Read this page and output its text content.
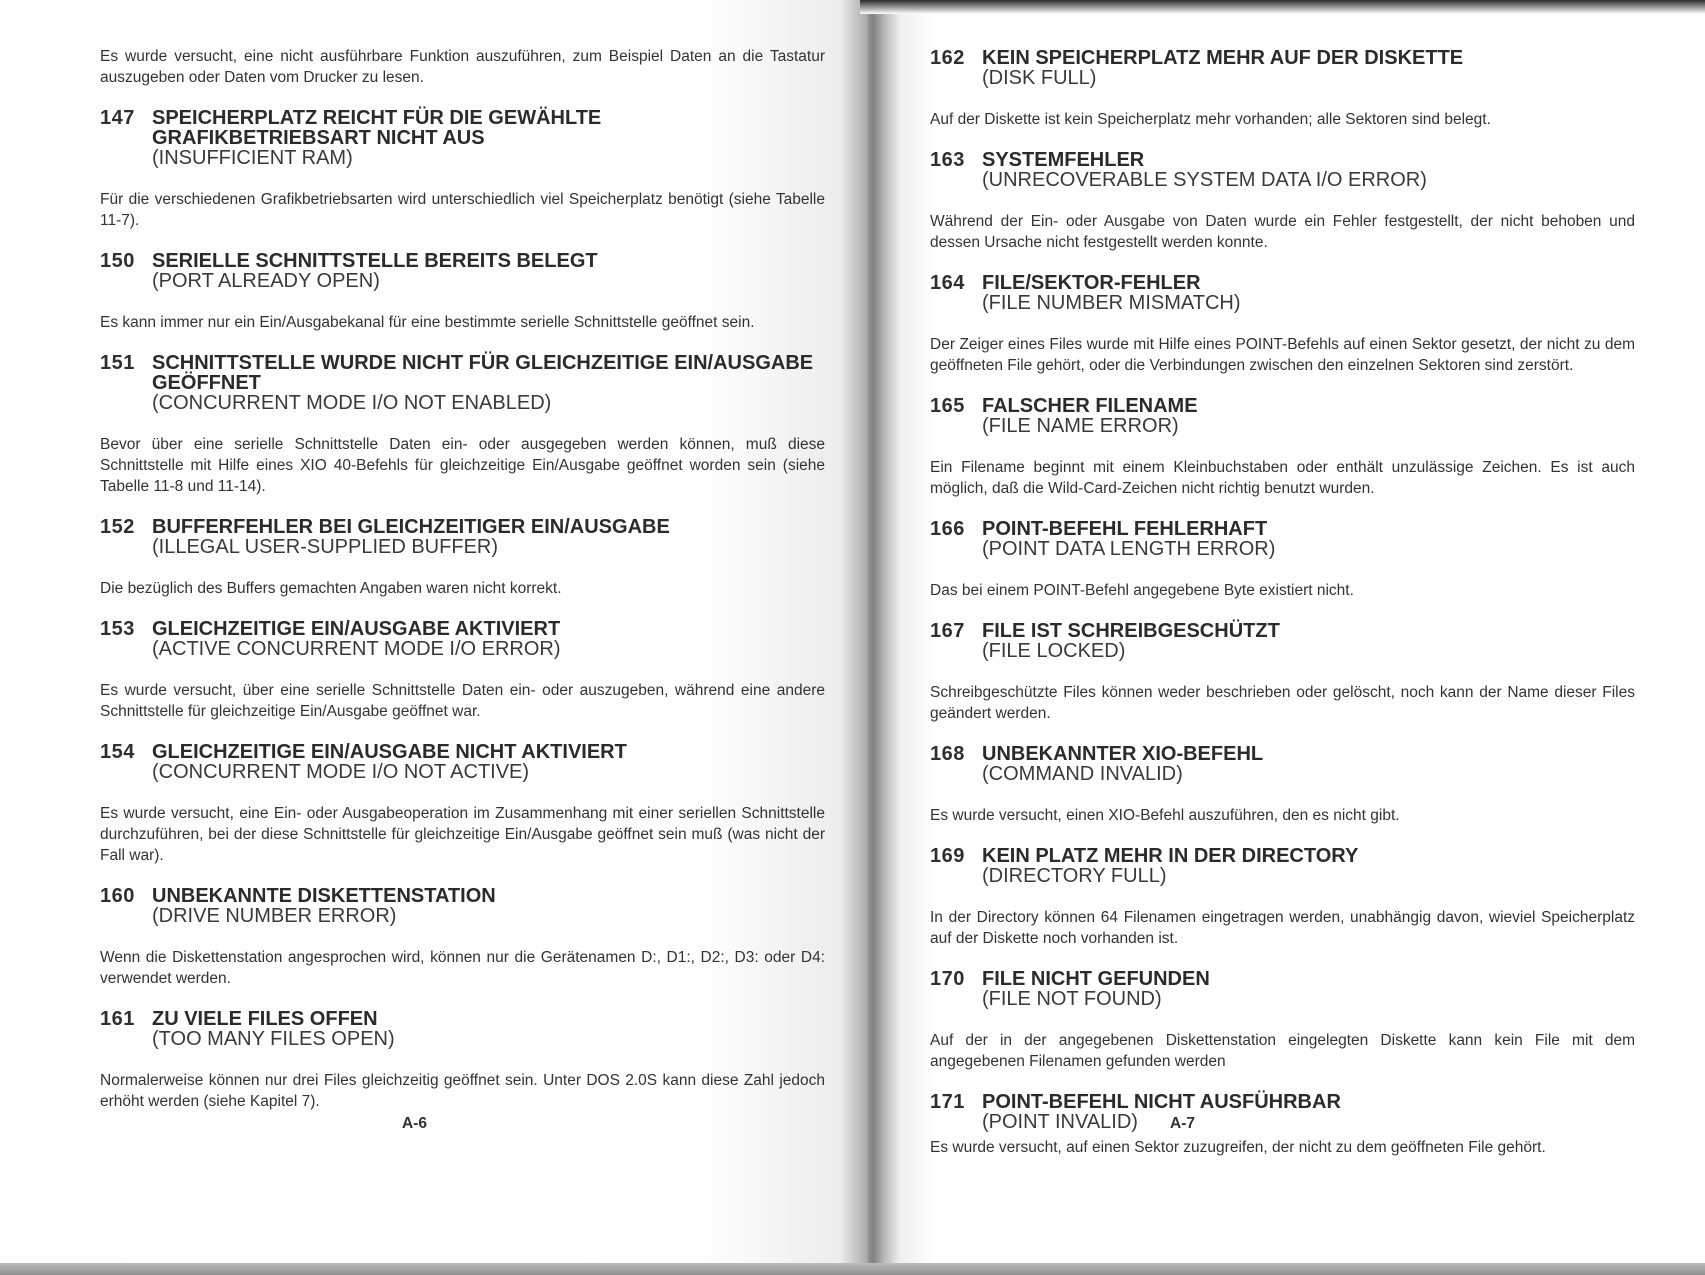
Es wurde versucht, eine nicht ausführbare Funktion auszuführen, zum Beispiel Daten an die Tastatur auszugeben oder Daten vom Drucker zu lesen.

147 SPEICHERPLATZ REICHT FÜR DIE GEWÄHLTE GRAFIKBETRIEBSART NICHT AUS
(INSUFFICIENT RAM)

Für die verschiedenen Grafikbetriebsarten wird unterschiedlich viel Speicherplatz benötigt (siehe Tabelle 11-7).

150 SERIELLE SCHNITTSTELLE BEREITS BELEGT
(PORT ALREADY OPEN)

Es kann immer nur ein Ein/Ausgabekanal für eine bestimmte serielle Schnittstelle geöffnet sein.

151 SCHNITTSTELLE WURDE NICHT FÜR GLEICHZEITIGE EIN/AUSGABE GEÖFFNET
(CONCURRENT MODE I/O NOT ENABLED)

Bevor über eine serielle Schnittstelle Daten ein- oder ausgegeben werden können, muß diese Schnittstelle mit Hilfe eines XIO 40-Befehls für gleichzeitige Ein/Ausgabe geöffnet worden sein (siehe Tabelle 11-8 und 11-14).

152 BUFFERFEHLER BEI GLEICHZEITIGER EIN/AUSGABE
(ILLEGAL USER-SUPPLIED BUFFER)

Die bezüglich des Buffers gemachten Angaben waren nicht korrekt.

153 GLEICHZEITIGE EIN/AUSGABE AKTIVIERT
(ACTIVE CONCURRENT MODE I/O ERROR)

Es wurde versucht, über eine serielle Schnittstelle Daten ein- oder auszugeben, während eine andere Schnittstelle für gleichzeitige Ein/Ausgabe geöffnet war.

154 GLEICHZEITIGE EIN/AUSGABE NICHT AKTIVIERT
(CONCURRENT MODE I/O NOT ACTIVE)

Es wurde versucht, eine Ein- oder Ausgabeoperation im Zusammenhang mit einer seriellen Schnittstelle durchzuführen, bei der diese Schnittstelle für gleichzeitige Ein/Ausgabe geöffnet sein muß (was nicht der Fall war).

160 UNBEKANNTE DISKETTENSTATION
(DRIVE NUMBER ERROR)

Wenn die Diskettenstation angesprochen wird, können nur die Gerätenamen D:, D1:, D2:, D3: oder D4: verwendet werden.

161 ZU VIELE FILES OFFEN
(TOO MANY FILES OPEN)

Normalerweise können nur drei Files gleichzeitig geöffnet sein. Unter DOS 2.0S kann diese Zahl jedoch erhöht werden (siehe Kapitel 7).

A-6
162 KEIN SPEICHERPLATZ MEHR AUF DER DISKETTE
(DISK FULL)

Auf der Diskette ist kein Speicherplatz mehr vorhanden; alle Sektoren sind belegt.

163 SYSTEMFEHLER
(UNRECOVERABLE SYSTEM DATA I/O ERROR)

Während der Ein- oder Ausgabe von Daten wurde ein Fehler festgestellt, der nicht behoben und dessen Ursache nicht festgestellt werden konnte.

164 FILE/SEKTOR-FEHLER
(FILE NUMBER MISMATCH)

Der Zeiger eines Files wurde mit Hilfe eines POINT-Befehls auf einen Sektor gesetzt, der nicht zu dem geöffneten File gehört, oder die Verbindungen zwischen den einzelnen Sektoren sind zerstört.

165 FALSCHER FILENAME
(FILE NAME ERROR)

Ein Filename beginnt mit einem Kleinbuchstaben oder enthält unzulässige Zeichen. Es ist auch möglich, daß die Wild-Card-Zeichen nicht richtig benutzt wurden.

166 POINT-BEFEHL FEHLERHAFT
(POINT DATA LENGTH ERROR)

Das bei einem POINT-Befehl angegebene Byte existiert nicht.

167 FILE IST SCHREIBGESCHÜTZT
(FILE LOCKED)

Schreibgeschützte Files können weder beschrieben oder gelöscht, noch kann der Name dieser Files geändert werden.

168 UNBEKANNTER XIO-BEFEHL
(COMMAND INVALID)

Es wurde versucht, einen XIO-Befehl auszuführen, den es nicht gibt.

169 KEIN PLATZ MEHR IN DER DIRECTORY
(DIRECTORY FULL)

In der Directory können 64 Filenamen eingetragen werden, unabhängig davon, wieviel Speicherplatz auf der Diskette noch vorhanden ist.

170 FILE NICHT GEFUNDEN
(FILE NOT FOUND)

Auf der in der angegebenen Diskettenstation eingelegten Diskette kann kein File mit dem angegebenen Filenamen gefunden werden

171 POINT-BEFEHL NICHT AUSFÜHRBAR
(POINT INVALID)

Es wurde versucht, auf einen Sektor zuzugreifen, der nicht zu dem geöffneten File gehört.

A-7
